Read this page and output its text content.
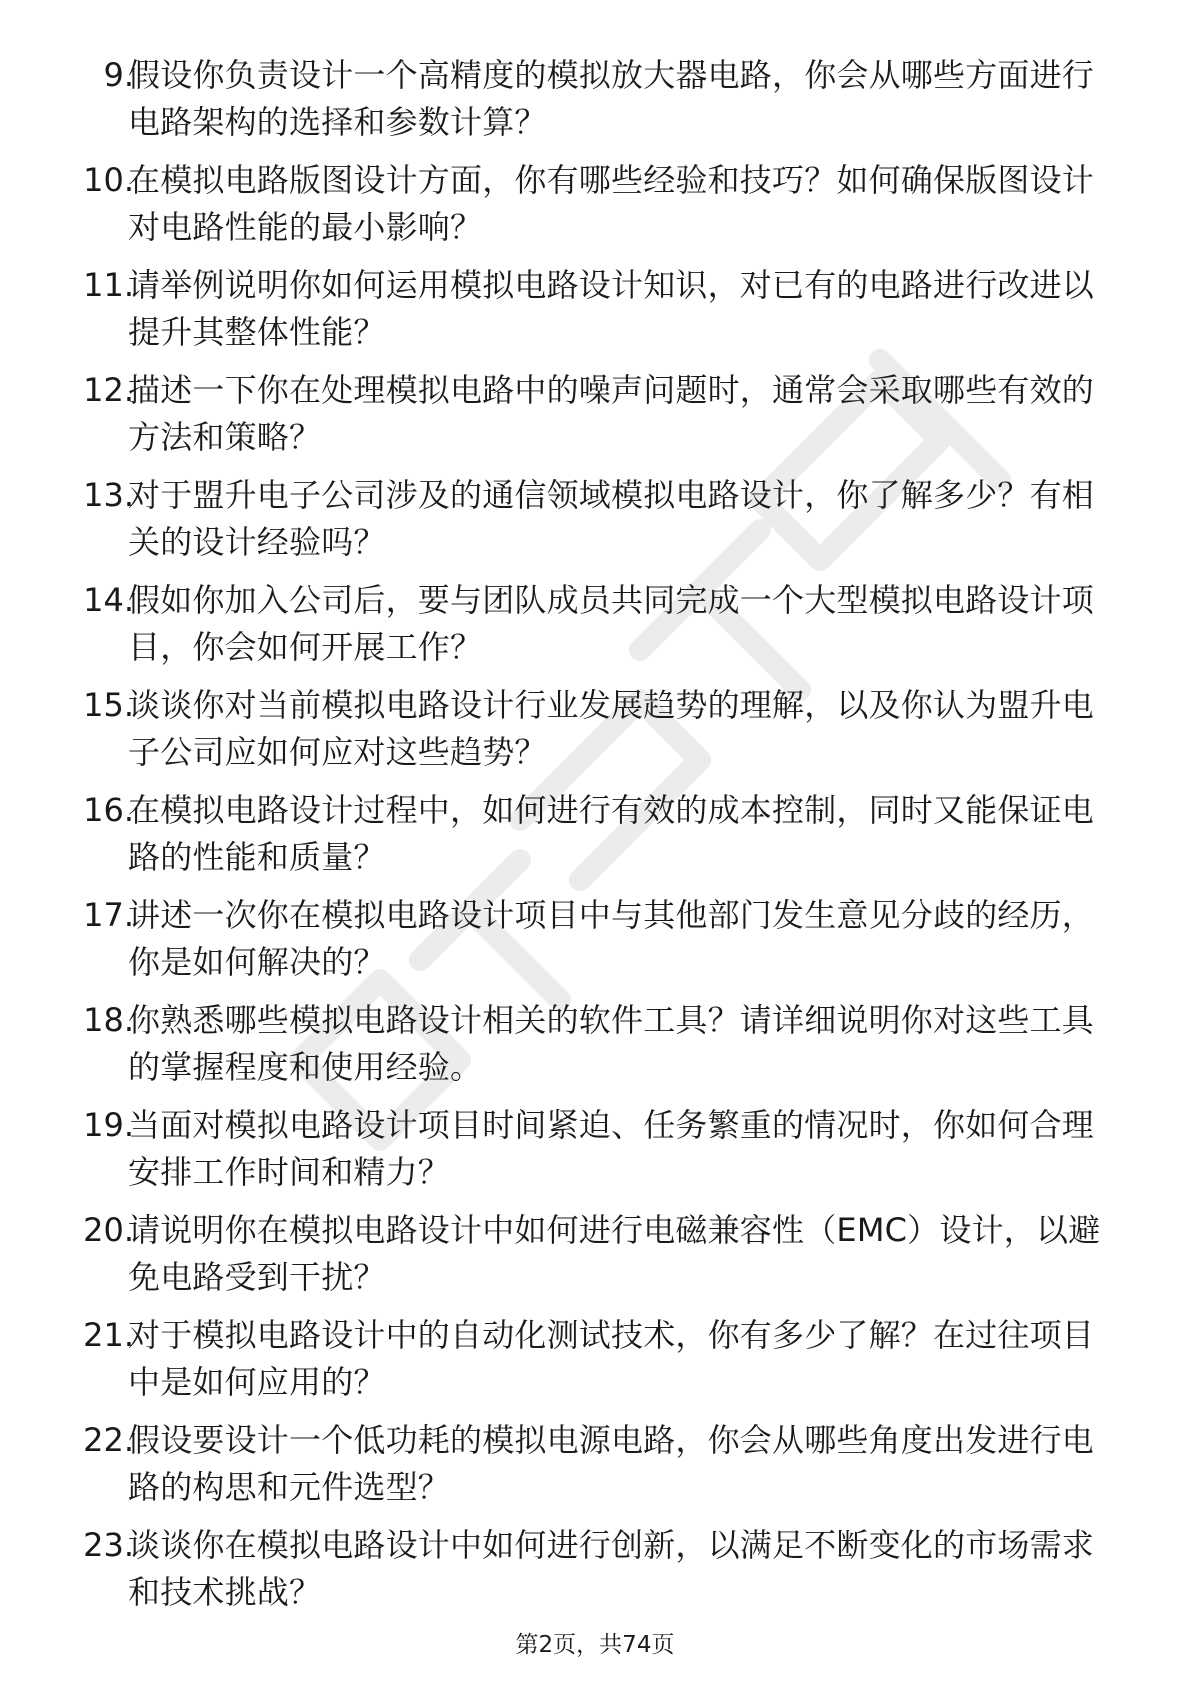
9.
假设你负责设计一个高精度的模拟放大器电路，你会从哪些方面进行电路架构的选择和参数计算？
10.
在模拟电路版图设计方面，你有哪些经验和技巧？如何确保版图设计对电路性能的最小影响？
11.
请举例说明你如何运用模拟电路设计知识，对已有的电路进行改进以提升其整体性能？
12.
描述一下你在处理模拟电路中的噪声问题时，通常会采取哪些有效的方法和策略？
13.
对于盟升电子公司涉及的通信领域模拟电路设计，你了解多少？有相关的设计经验吗？
14.
假如你加入公司后，要与团队成员共同完成一个大型模拟电路设计项目，你会如何开展工作？
15.
谈谈你对当前模拟电路设计行业发展趋势的理解，以及你认为盟升电子公司应如何应对这些趋势？
16.
在模拟电路设计过程中，如何进行有效的成本控制，同时又能保证电路的性能和质量？
17.
讲述一次你在模拟电路设计项目中与其他部门发生意见分歧的经历，你是如何解决的？
18.
你熟悉哪些模拟电路设计相关的软件工具？请详细说明你对这些工具的掌握程度和使用经验。
19.
当面对模拟电路设计项目时间紧迫、任务繁重的情况时，你如何合理安排工作时间和精力？
20.
请说明你在模拟电路设计中如何进行电磁兼容性（EMC）设计，以避免电路受到干扰？
21.
对于模拟电路设计中的自动化测试技术，你有多少了解？在过往项目中是如何应用的？
22.
假设要设计一个低功耗的模拟电源电路，你会从哪些角度出发进行电路的构思和元件选型？
23.
谈谈你在模拟电路设计中如何进行创新，以满足不断变化的市场需求和技术挑战？
第2页，共74页
